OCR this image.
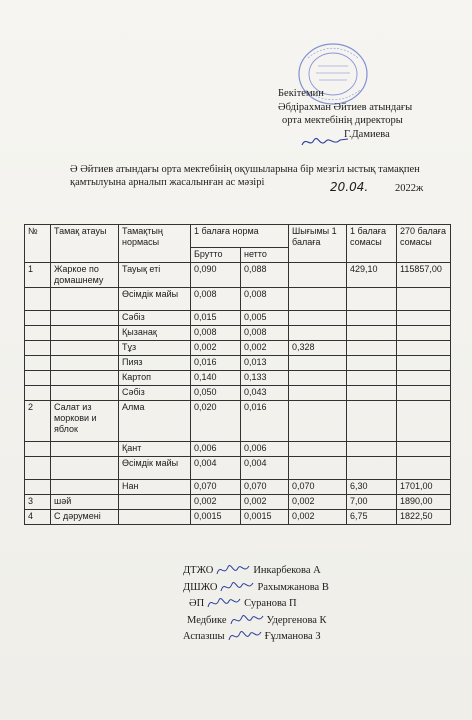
Бекітемин
Әбдірахман Әйтиев атындағы
орта мектебінің директоры
Г.Дамиева
Ә Әйтиев атындағы орта мектебінің оқушыларына бір мезгіл ыстық тамақпен
қамтылуына арналып жасалынған ас мәзірі	20.04.	2022ж
№	Тамақ атауы	Тамақтың нормасы	1 балаға норма		Шығымы 1 балаға	1 балаға сомасы	270 балаға сомасы
			Брутто	нетто			
1	Жаркое по домашнему	Тауық еті	0,090	0,088		429,10	115857,00
		Өсімдік майы	0,008	0,008			
		Сәбіз	0,015	0,005			
		Қызанақ	0,008	0,008			
		Тұз	0,002	0,002	0,328		
		Пияз	0,016	0,013			
		Картоп	0,140	0,133			
		Сәбіз	0,050	0,043			
2	Салат из моркови и яблок	Алма	0,020	0,016			
		Қант	0,006	0,006			
		Өсімдік майы	0,004	0,004			
		Нан	0,070	0,070	0,070	6,30	1701,00
3	шәй		0,002	0,002	0,002	7,00	1890,00
4	С дәрумені		0,0015	0,0015	0,002	6,75	1822,50
ДТЖО	Инкарбекова А
ДШЖО	Рахымжанова В
ӘП	Суранова П
Медбике	Удергенова К
Аспазшы	Ғұлманова З
